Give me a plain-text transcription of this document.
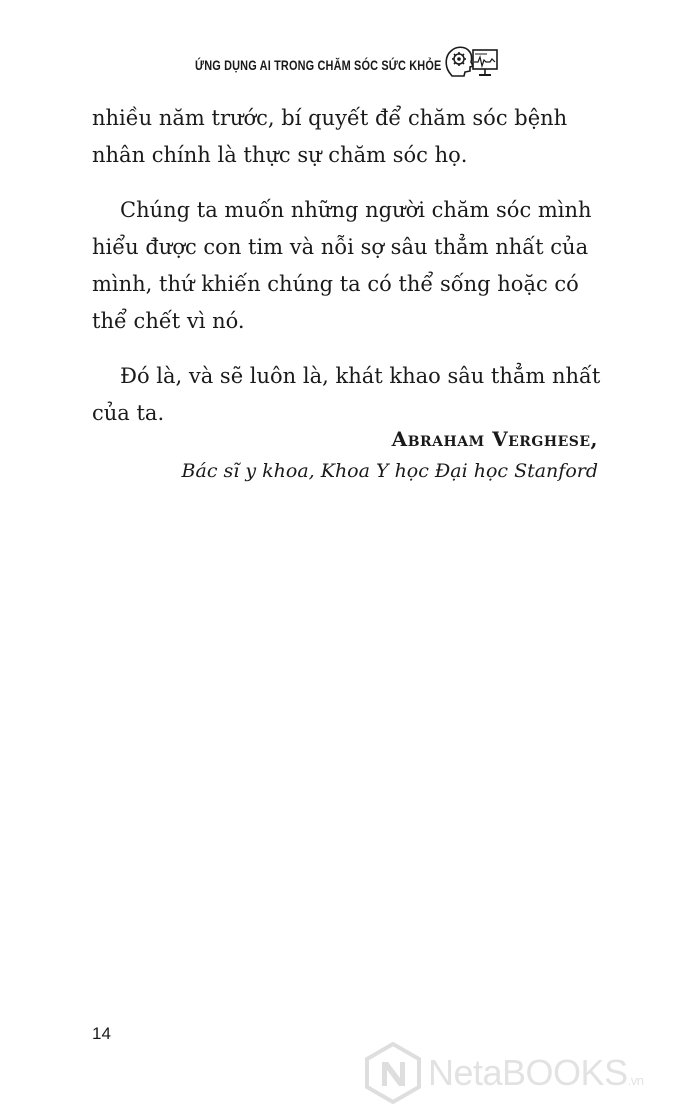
ỨNG DỤNG AI TRONG CHĂM SÓC SỨC KHỎE

nhiều năm trước, bí quyết để chăm sóc bệnh nhân chính là thực sự chăm sóc họ.

Chúng ta muốn những người chăm sóc mình hiểu được con tim và nỗi sợ sâu thẳm nhất của mình, thứ khiến chúng ta có thể sống hoặc có thể chết vì nó.

Đó là, và sẽ luôn là, khát khao sâu thẳm nhất của ta.

Abraham Verghese,
Bác sĩ y khoa, Khoa Y học Đại học Stanford
14
NetaBOOKS.vn
